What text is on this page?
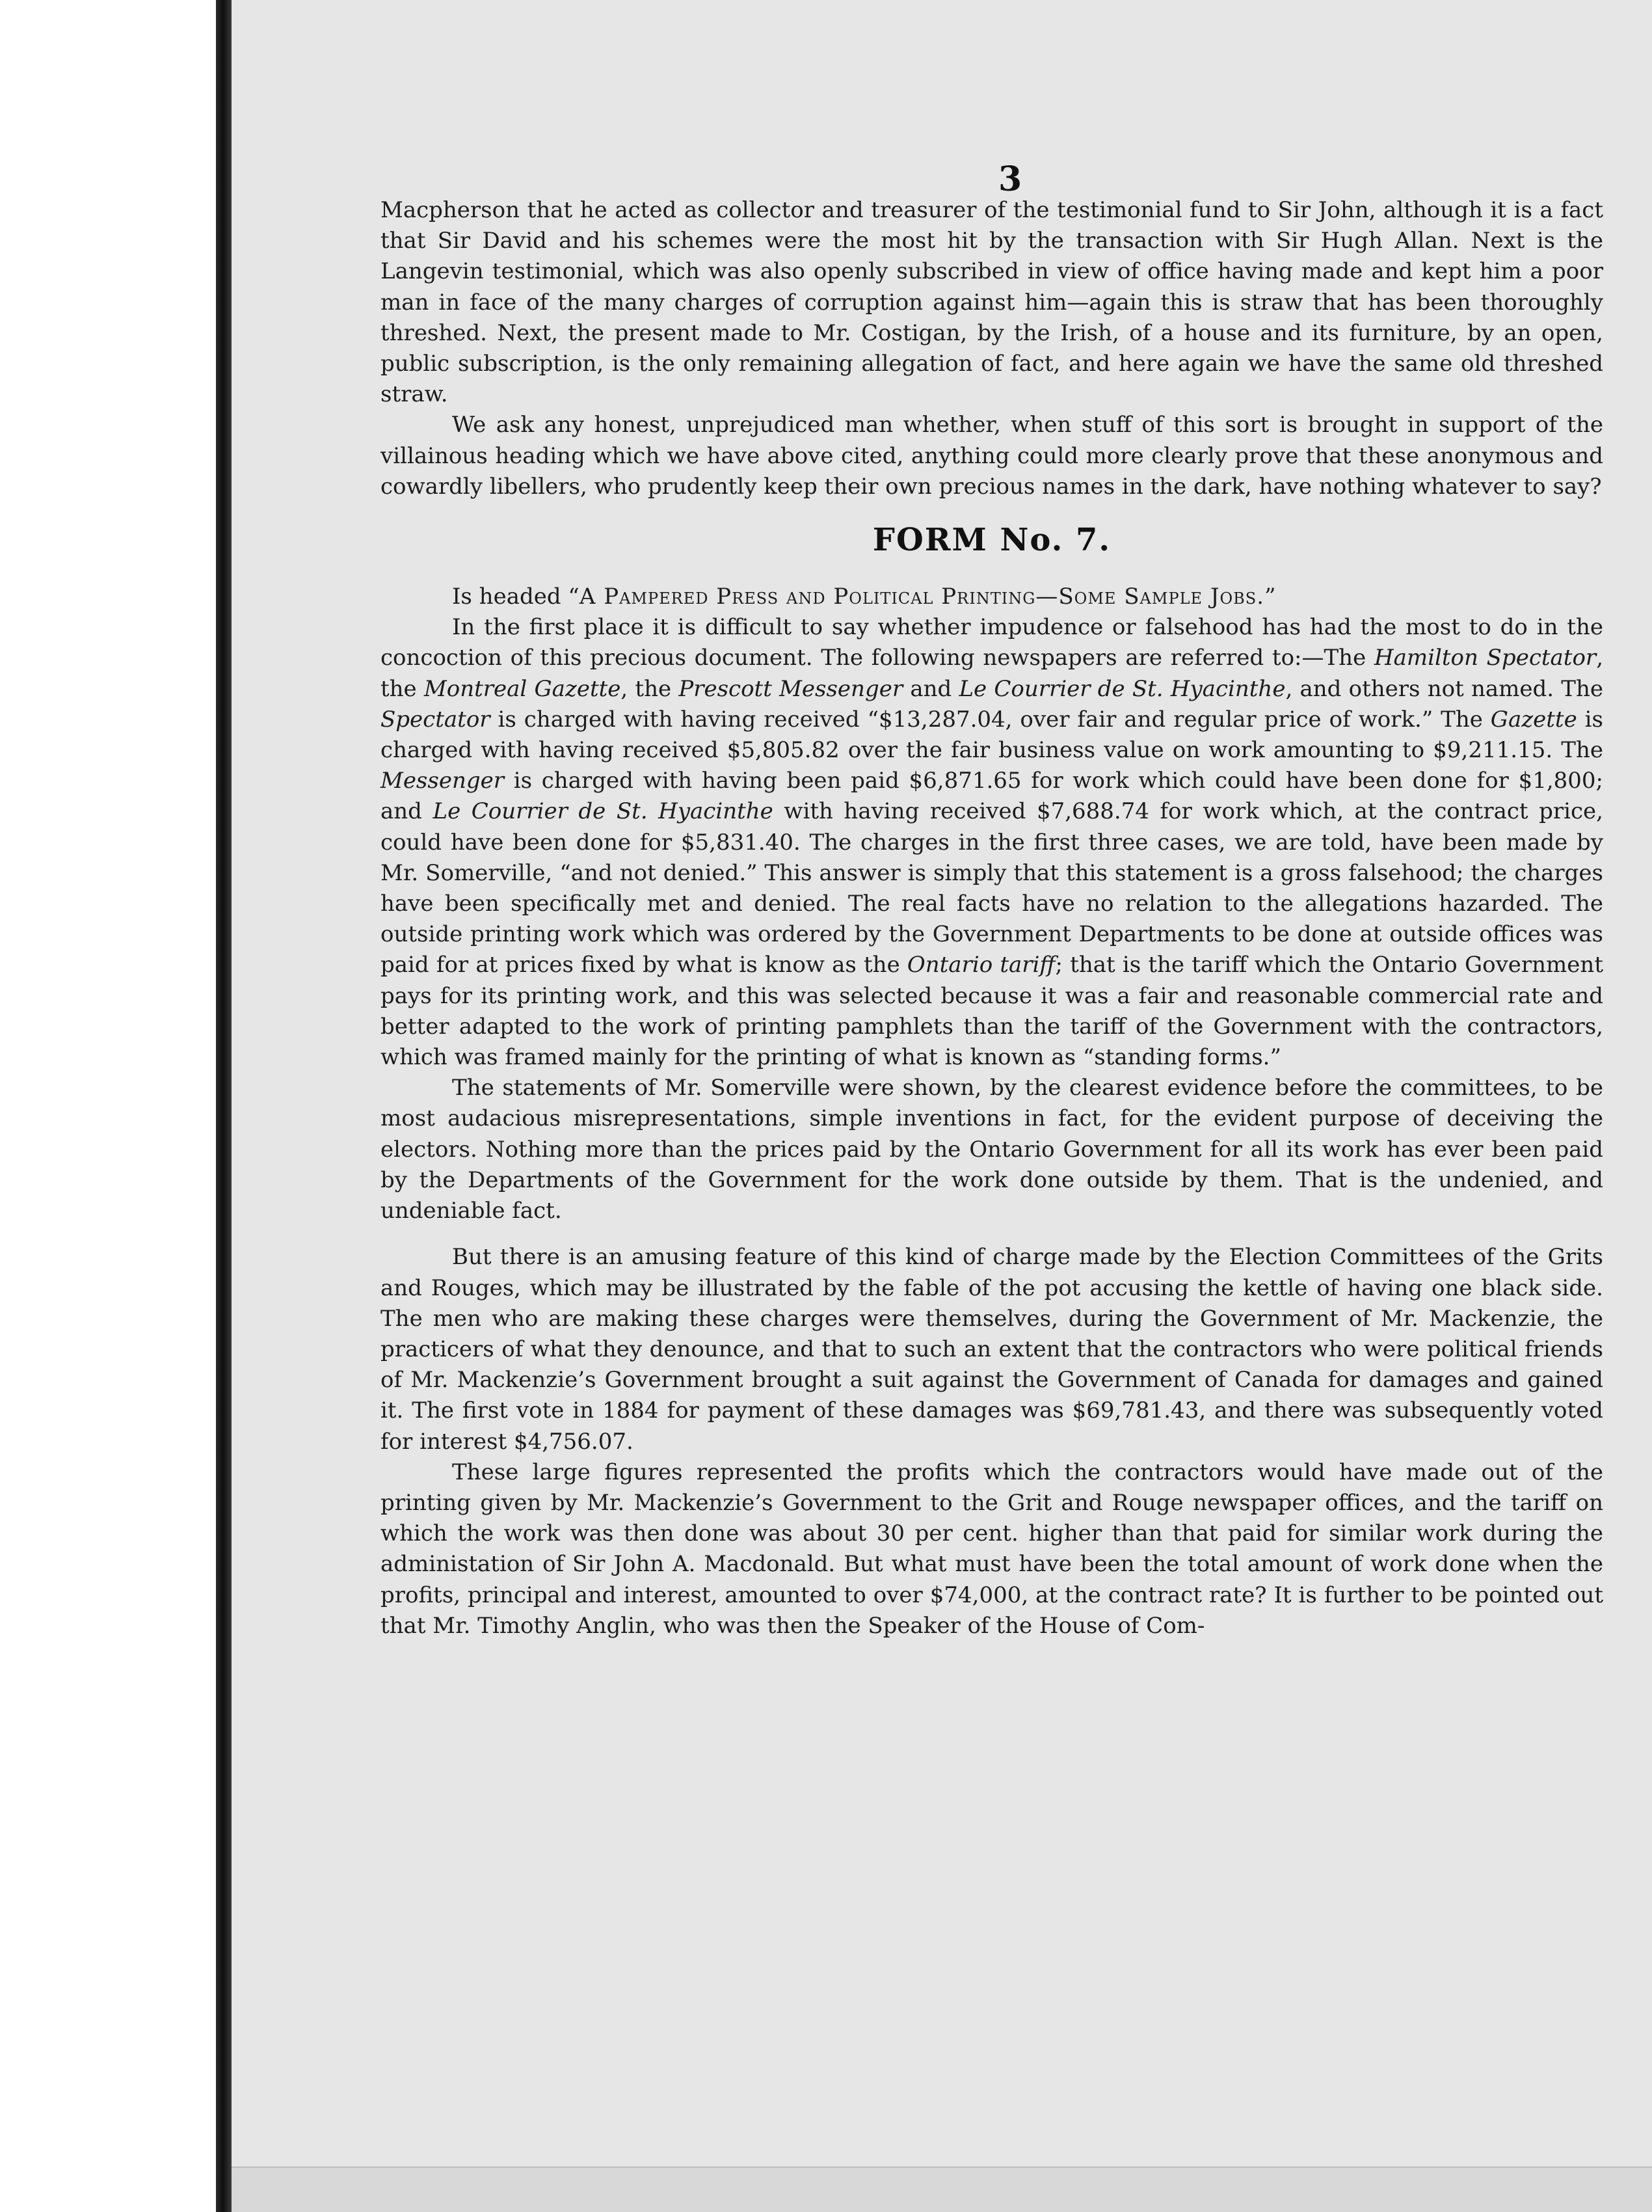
3

Macpherson that he acted as collector and treasurer of the testimonial fund to Sir John, although it is a fact that Sir David and his schemes were the most hit by the transaction with Sir Hugh Allan. Next is the Langevin testimonial, which was also openly subscribed in view of office having made and kept him a poor man in face of the many charges of corruption against him—again this is straw that has been thoroughly threshed. Next, the present made to Mr. Costigan, by the Irish, of a house and its furniture, by an open, public subscription, is the only remaining allegation of fact, and here again we have the same old threshed straw.

We ask any honest, unprejudiced man whether, when stuff of this sort is brought in support of the villainous heading which we have above cited, anything could more clearly prove that these anonymous and cowardly libellers, who prudently keep their own precious names in the dark, have nothing whatever to say?

FORM No. 7.

Is headed “A Pampered Press and Political Printing—Some Sample Jobs.”

In the first place it is difficult to say whether impudence or falsehood has had the most to do in the concoction of this precious document. The following newspapers are referred to:—The Hamilton Spectator, the Montreal Gazette, the Prescott Messenger and Le Courrier de St. Hyacinthe, and others not named. The Spectator is charged with having received “$13,287.04, over fair and regular price of work.” The Gazette is charged with having received $5,805.82 over the fair business value on work amounting to $9,211.15. The Messenger is charged with having been paid $6,871.65 for work which could have been done for $1,800; and Le Courrier de St. Hyacinthe with having received $7,688.74 for work which, at the contract price, could have been done for $5,831.40. The charges in the first three cases, we are told, have been made by Mr. Somerville, “and not denied.” This answer is simply that this statement is a gross falsehood; the charges have been specifically met and denied. The real facts have no relation to the allegations hazarded. The outside printing work which was ordered by the Government Departments to be done at outside offices was paid for at prices fixed by what is know as the Ontario tariff; that is the tariff which the Ontario Government pays for its printing work, and this was selected because it was a fair and reasonable commercial rate and better adapted to the work of printing pamphlets than the tariff of the Government with the contractors, which was framed mainly for the printing of what is known as “standing forms.”

The statements of Mr. Somerville were shown, by the clearest evidence before the committees, to be most audacious misrepresentations, simple inventions in fact, for the evident purpose of deceiving the electors. Nothing more than the prices paid by the Ontario Government for all its work has ever been paid by the Departments of the Government for the work done outside by them. That is the undenied, and undeniable fact.

But there is an amusing feature of this kind of charge made by the Election Committees of the Grits and Rouges, which may be illustrated by the fable of the pot accusing the kettle of having one black side. The men who are making these charges were themselves, during the Government of Mr. Mackenzie, the practicers of what they denounce, and that to such an extent that the contractors who were political friends of Mr. Mackenzie’s Government brought a suit against the Government of Canada for damages and gained it. The first vote in 1884 for payment of these damages was $69,781.43, and there was subsequently voted for interest $4,756.07.

These large figures represented the profits which the contractors would have made out of the printing given by Mr. Mackenzie’s Government to the Grit and Rouge newspaper offices, and the tariff on which the work was then done was about 30 per cent. higher than that paid for similar work during the administation of Sir John A. Macdonald. But what must have been the total amount of work done when the profits, principal and interest, amounted to over $74,000, at the contract rate? It is further to be pointed out that Mr. Timothy Anglin, who was then the Speaker of the House of Com-
